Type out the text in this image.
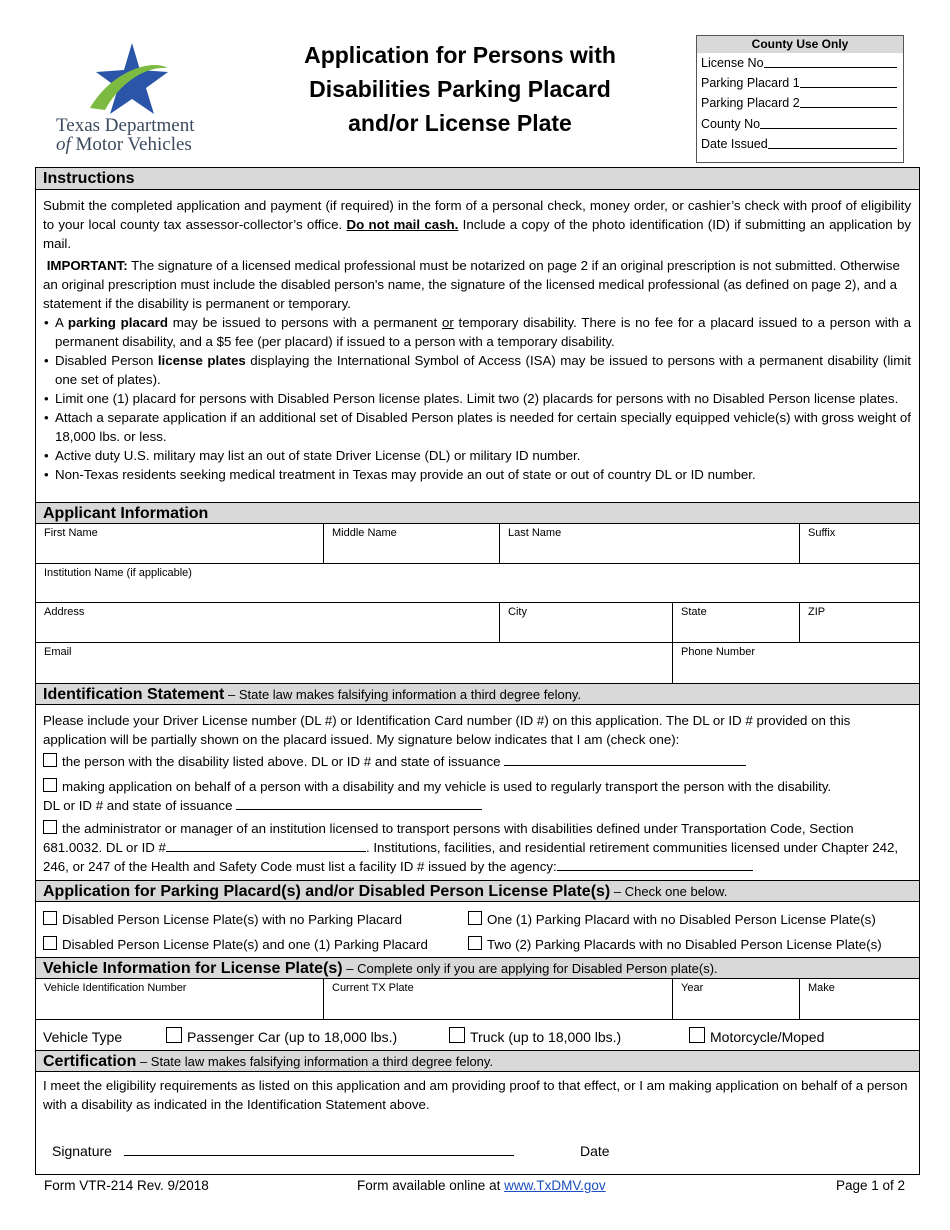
Texas Department
of Motor Vehicles
Application for Persons with
Disabilities Parking Placard
and/or License Plate
County Use Only
License No
Parking Placard 1
Parking Placard 2
County No
Date Issued
Instructions
Submit the completed application and payment (if required) in the form of a personal check, money order, or cashier’s check with proof of eligibility to your local county tax assessor-collector’s office. Do not mail cash. Include a copy of the photo identification (ID) if submitting an application by mail.
IMPORTANT: The signature of a licensed medical professional must be notarized on page 2 if an original prescription is not submitted. Otherwise an original prescription must include the disabled person's name, the signature of the licensed medical professional (as defined on page 2), and a statement if the disability is permanent or temporary.
• A parking placard may be issued to persons with a permanent or temporary disability. There is no fee for a placard issued to a person with a permanent disability, and a $5 fee (per placard) if issued to a person with a temporary disability.
• Disabled Person license plates displaying the International Symbol of Access (ISA) may be issued to persons with a permanent disability (limit one set of plates).
• Limit one (1) placard for persons with Disabled Person license plates. Limit two (2) placards for persons with no Disabled Person license plates.
• Attach a separate application if an additional set of Disabled Person plates is needed for certain specially equipped vehicle(s) with gross weight of 18,000 lbs. or less.
• Active duty U.S. military may list an out of state Driver License (DL) or military ID number.
• Non-Texas residents seeking medical treatment in Texas may provide an out of state or out of country DL or ID number.
Applicant Information
First Name	Middle Name	Last Name	Suffix
Institution Name (if applicable)
Address	City	State	ZIP
Email	Phone Number
Identification Statement – State law makes falsifying information a third degree felony.
Please include your Driver License number (DL #) or Identification Card number (ID #) on this application. The DL or ID # provided on this application will be partially shown on the placard issued. My signature below indicates that I am (check one):
the person with the disability listed above. DL or ID # and state of issuance
making application on behalf of a person with a disability and my vehicle is used to regularly transport the person with the disability.
DL or ID # and state of issuance
the administrator or manager of an institution licensed to transport persons with disabilities defined under Transportation Code, Section 681.0032. DL or ID #	. Institutions, facilities, and residential retirement communities licensed under Chapter 242, 246, or 247 of the Health and Safety Code must list a facility ID # issued by the agency:
Application for Parking Placard(s) and/or Disabled Person License Plate(s) – Check one below.
Disabled Person License Plate(s) with no Parking Placard	One (1) Parking Placard with no Disabled Person License Plate(s)
Disabled Person License Plate(s) and one (1) Parking Placard	Two (2) Parking Placards with no Disabled Person License Plate(s)
Vehicle Information for License Plate(s) – Complete only if you are applying for Disabled Person plate(s).
Vehicle Identification Number	Current TX Plate	Year	Make
Vehicle Type	Passenger Car (up to 18,000 lbs.)	Truck (up to 18,000 lbs.)	Motorcycle/Moped
Certification – State law makes falsifying information a third degree felony.
I meet the eligibility requirements as listed on this application and am providing proof to that effect, or I am making application on behalf of a person with a disability as indicated in the Identification Statement above.
Signature	Date
Form VTR-214 Rev. 9/2018	Form available online at www.TxDMV.gov	Page 1 of 2
